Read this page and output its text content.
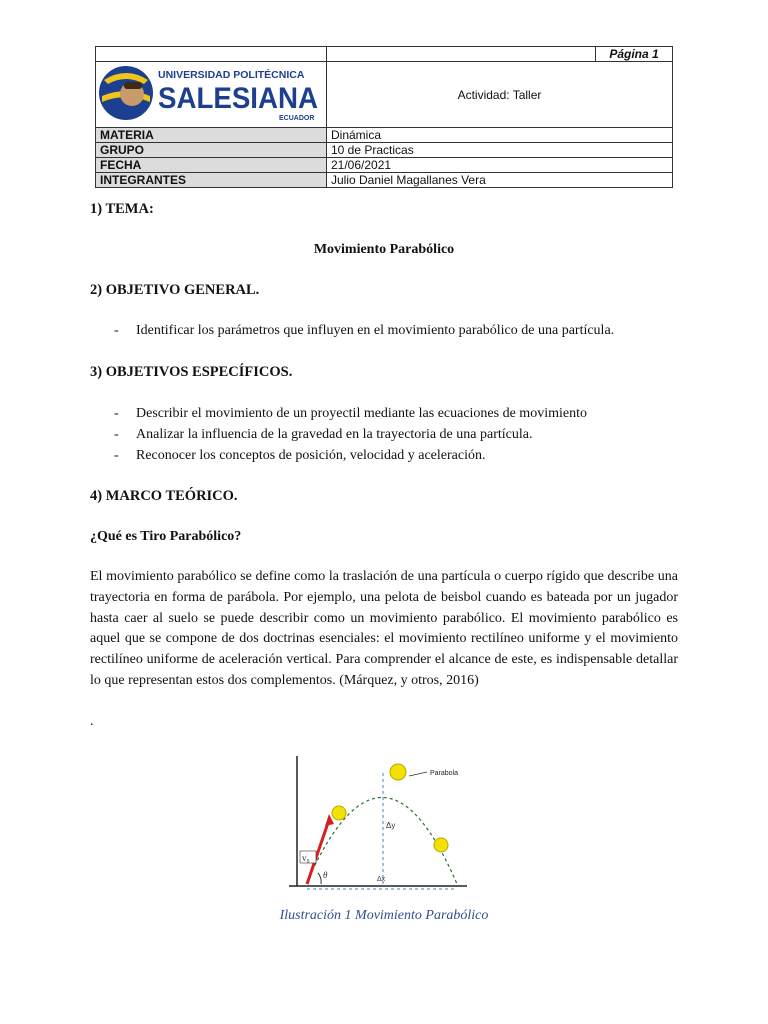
		Página 1

UNIVERSIDAD POLITÉCNICA
SALESIANA
ECUADOR	Actividad: Taller	
MATERIA	Dinámica	
GRUPO	10 de Practicas	
FECHA	21/06/2021	
INTEGRANTES	Julio Daniel Magallanes Vera	
1) TEMA:
Movimiento Parabólico
2) OBJETIVO GENERAL.
- Identificar los parámetros que influyen en el movimiento parabólico de una partícula.
3) OBJETIVOS ESPECÍFICOS.
- Describir el movimiento de un proyectil mediante las ecuaciones de movimiento
- Analizar la influencia de la gravedad en la trayectoria de una partícula.
- Reconocer los conceptos de posición, velocidad y aceleración.
4) MARCO TEÓRICO.
¿Qué es Tiro Parabólico?
El movimiento parabólico se define como la traslación de una partícula o cuerpo rígido que describe una trayectoria en forma de parábola. Por ejemplo, una pelota de beisbol cuando es bateada por un jugador hasta caer al suelo se puede describir como un movimiento parabólico. El movimiento parabólico es aquel que se compone de dos doctrinas esenciales: el movimiento rectilíneo uniforme y el movimiento rectilíneo uniforme de aceleración vertical. Para comprender el alcance de este, es indispensable detallar lo que representan estos dos complementos. (Márquez, y otros, 2016)
.
Parabola
Δy
Δx
v₀
θ
Ilustración 1 Movimiento Parabólico
